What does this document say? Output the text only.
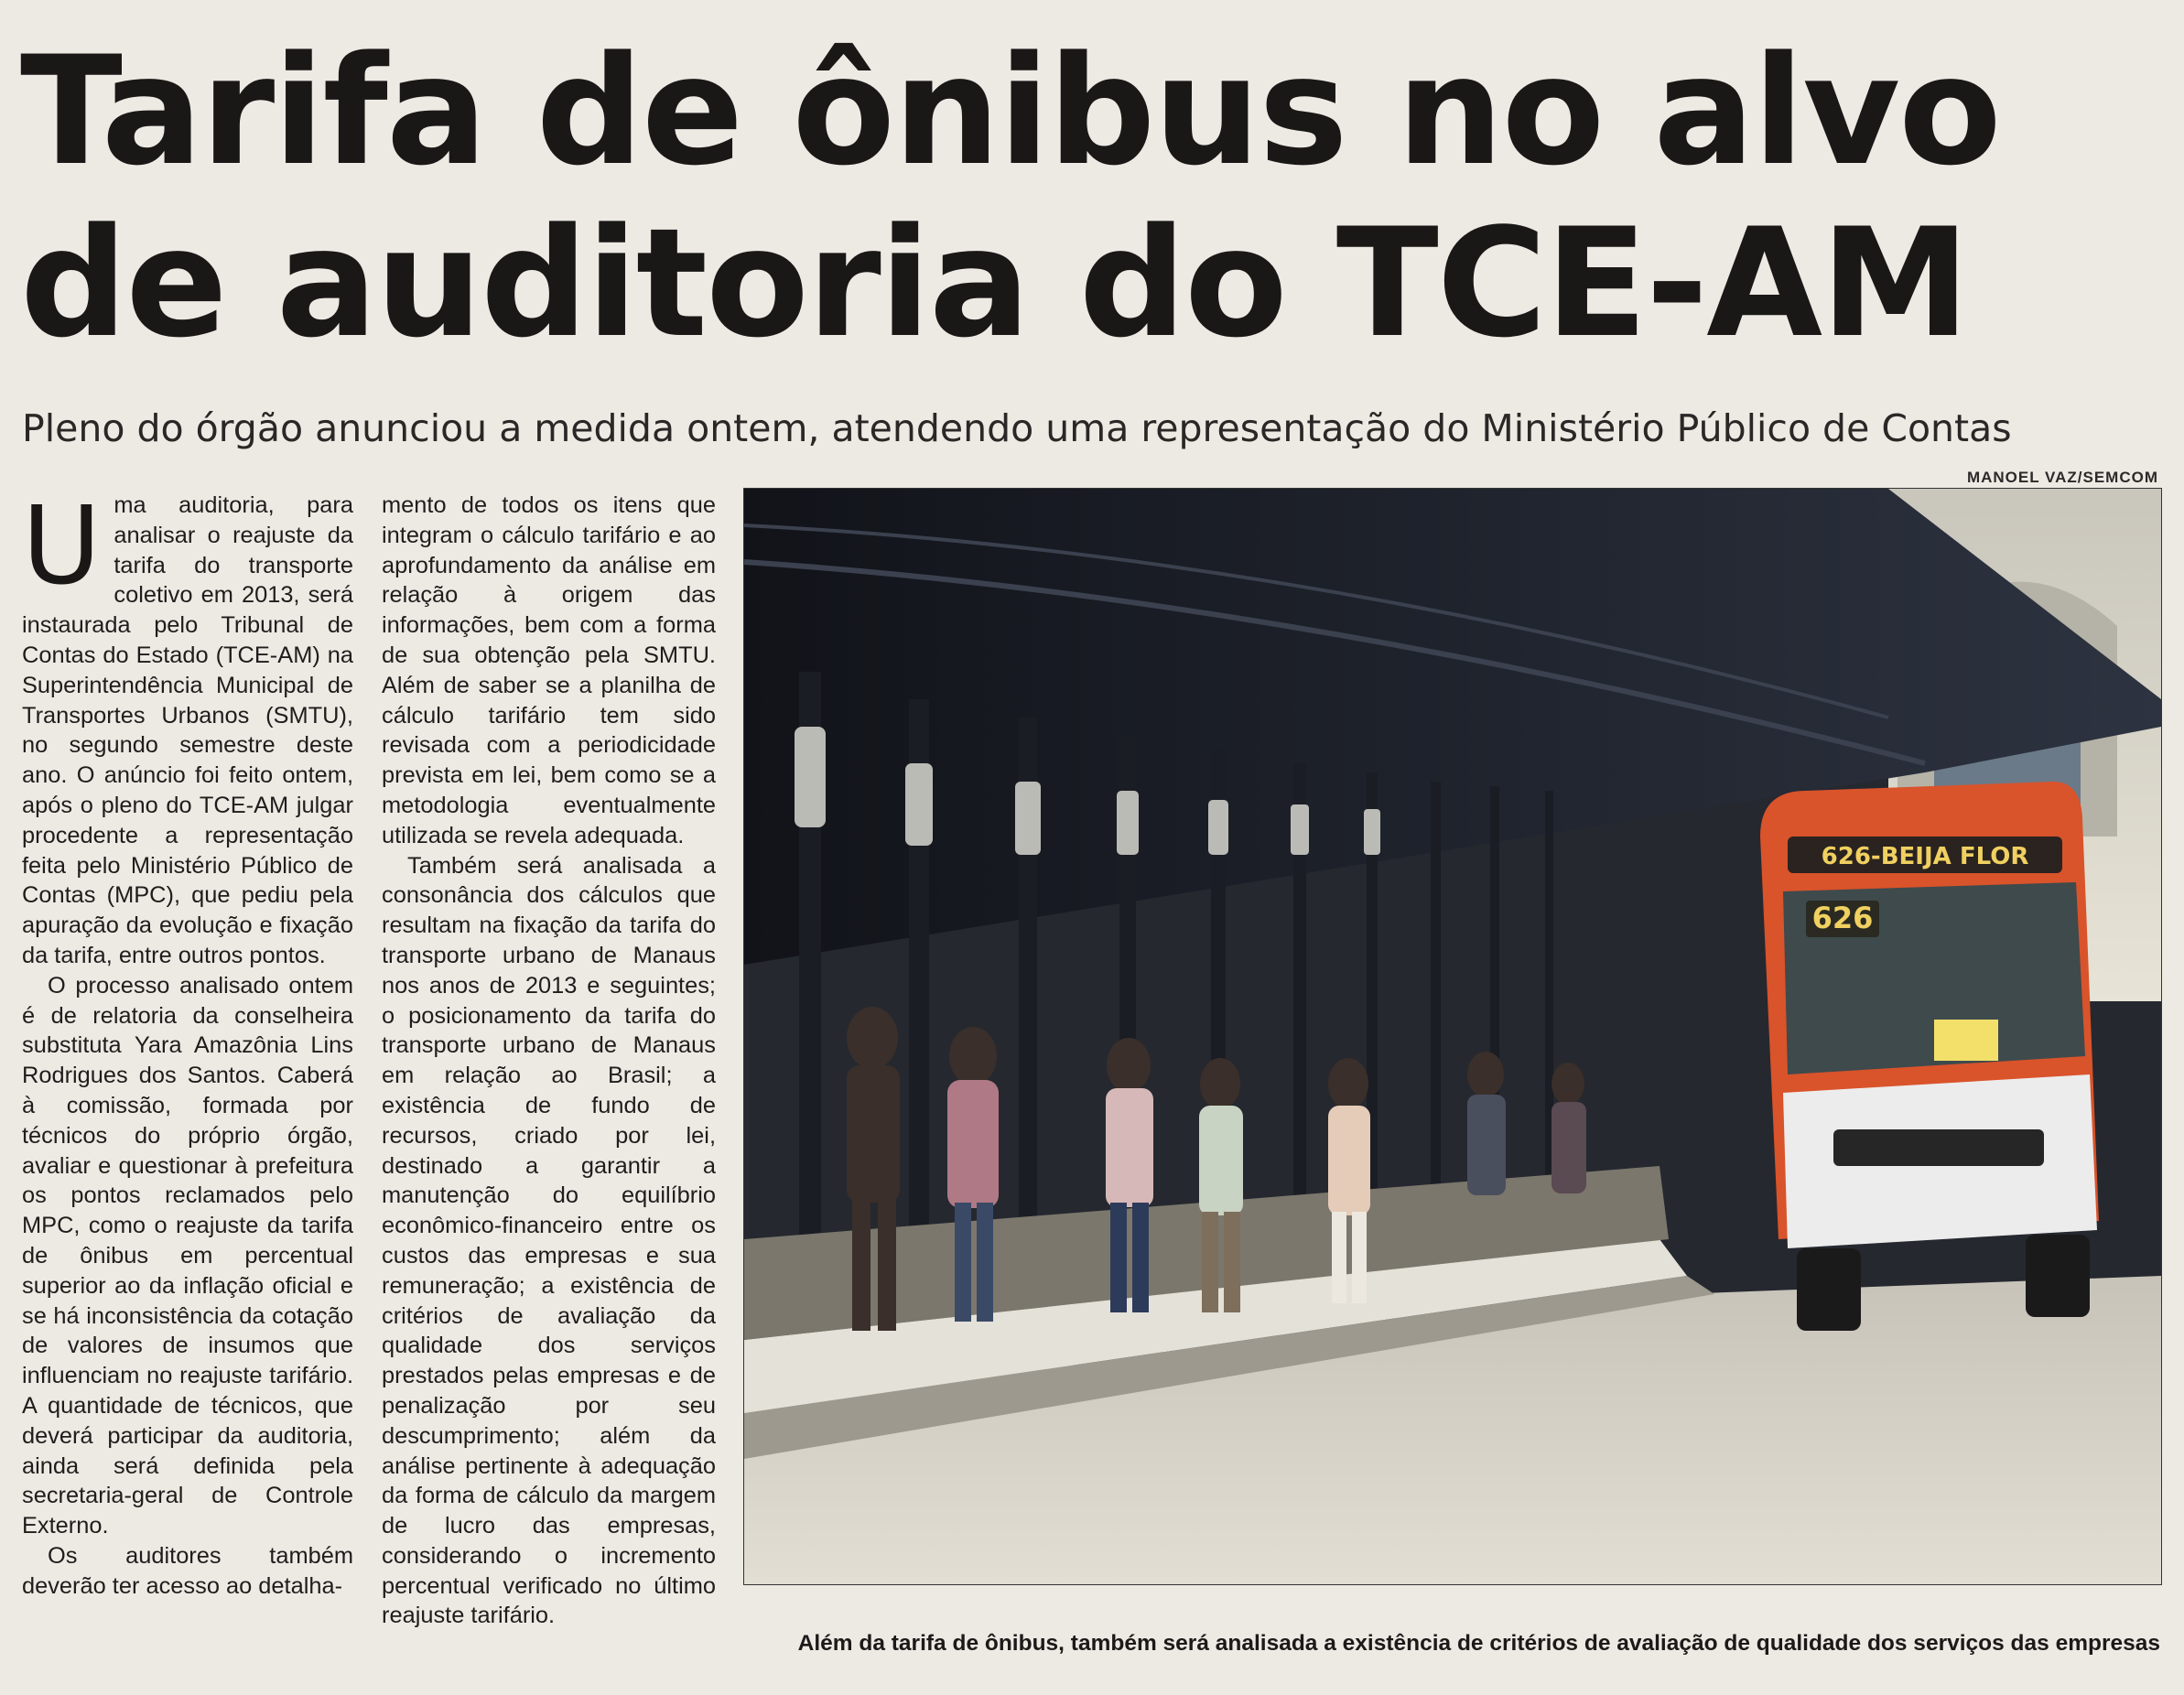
Tarifa de ônibus no alvo
de auditoria do TCE-AM
Pleno do órgão anunciou a medida ontem, atendendo uma representação do Ministério Público de Contas

Uma auditoria, para analisar o reajuste da tarifa do transporte coletivo em 2013, será instaurada pelo Tribunal de Contas do Estado (TCE-AM) na Superintendência Municipal de Transportes Urbanos (SMTU), no segundo semestre deste ano. O anúncio foi feito ontem, após o pleno do TCE-AM julgar procedente a representação feita pelo Ministério Público de Contas (MPC), que pediu pela apuração da evolução e fixação da tarifa, entre outros pontos.

O processo analisado ontem é de relatoria da conselheira substituta Yara Amazônia Lins Rodrigues dos Santos. Caberá à comissão, formada por técnicos do próprio órgão, avaliar e questionar à prefeitura os pontos reclamados pelo MPC, como o reajuste da tarifa de ônibus em percentual superior ao da inflação oficial e se há inconsistência da cotação de valores de insumos que influenciam no reajuste tarifário. A quantidade de técnicos, que deverá participar da auditoria, ainda será definida pela secretaria-geral de Controle Externo.

Os auditores também deverão ter acesso ao detalha-

mento de todos os itens que integram o cálculo tarifário e ao aprofundamento da análise em relação à origem das informações, bem com a forma de sua obtenção pela SMTU. Além de saber se a planilha de cálculo tarifário tem sido revisada com a periodicidade prevista em lei, bem como se a metodologia eventualmente utilizada se revela adequada.

Também será analisada a consonância dos cálculos que resultam na fixação da tarifa do transporte urbano de Manaus nos anos de 2013 e seguintes; o posicionamento da tarifa do transporte urbano de Manaus em relação ao Brasil; a existência de fundo de recursos, criado por lei, destinado a garantir a manutenção do equilíbrio econômico-financeiro entre os custos das empresas e sua remuneração; a existência de critérios de avaliação da qualidade dos serviços prestados pelas empresas e de penalização por seu descumprimento; além da análise pertinente à adequação da forma de cálculo da margem de lucro das empresas, considerando o incremento percentual verificado no último reajuste tarifário.

MANOEL VAZ/SEMCOM
626-BEIJA FLOR
626
Além da tarifa de ônibus, também será analisada a existência de critérios de avaliação de qualidade dos serviços das empresas
